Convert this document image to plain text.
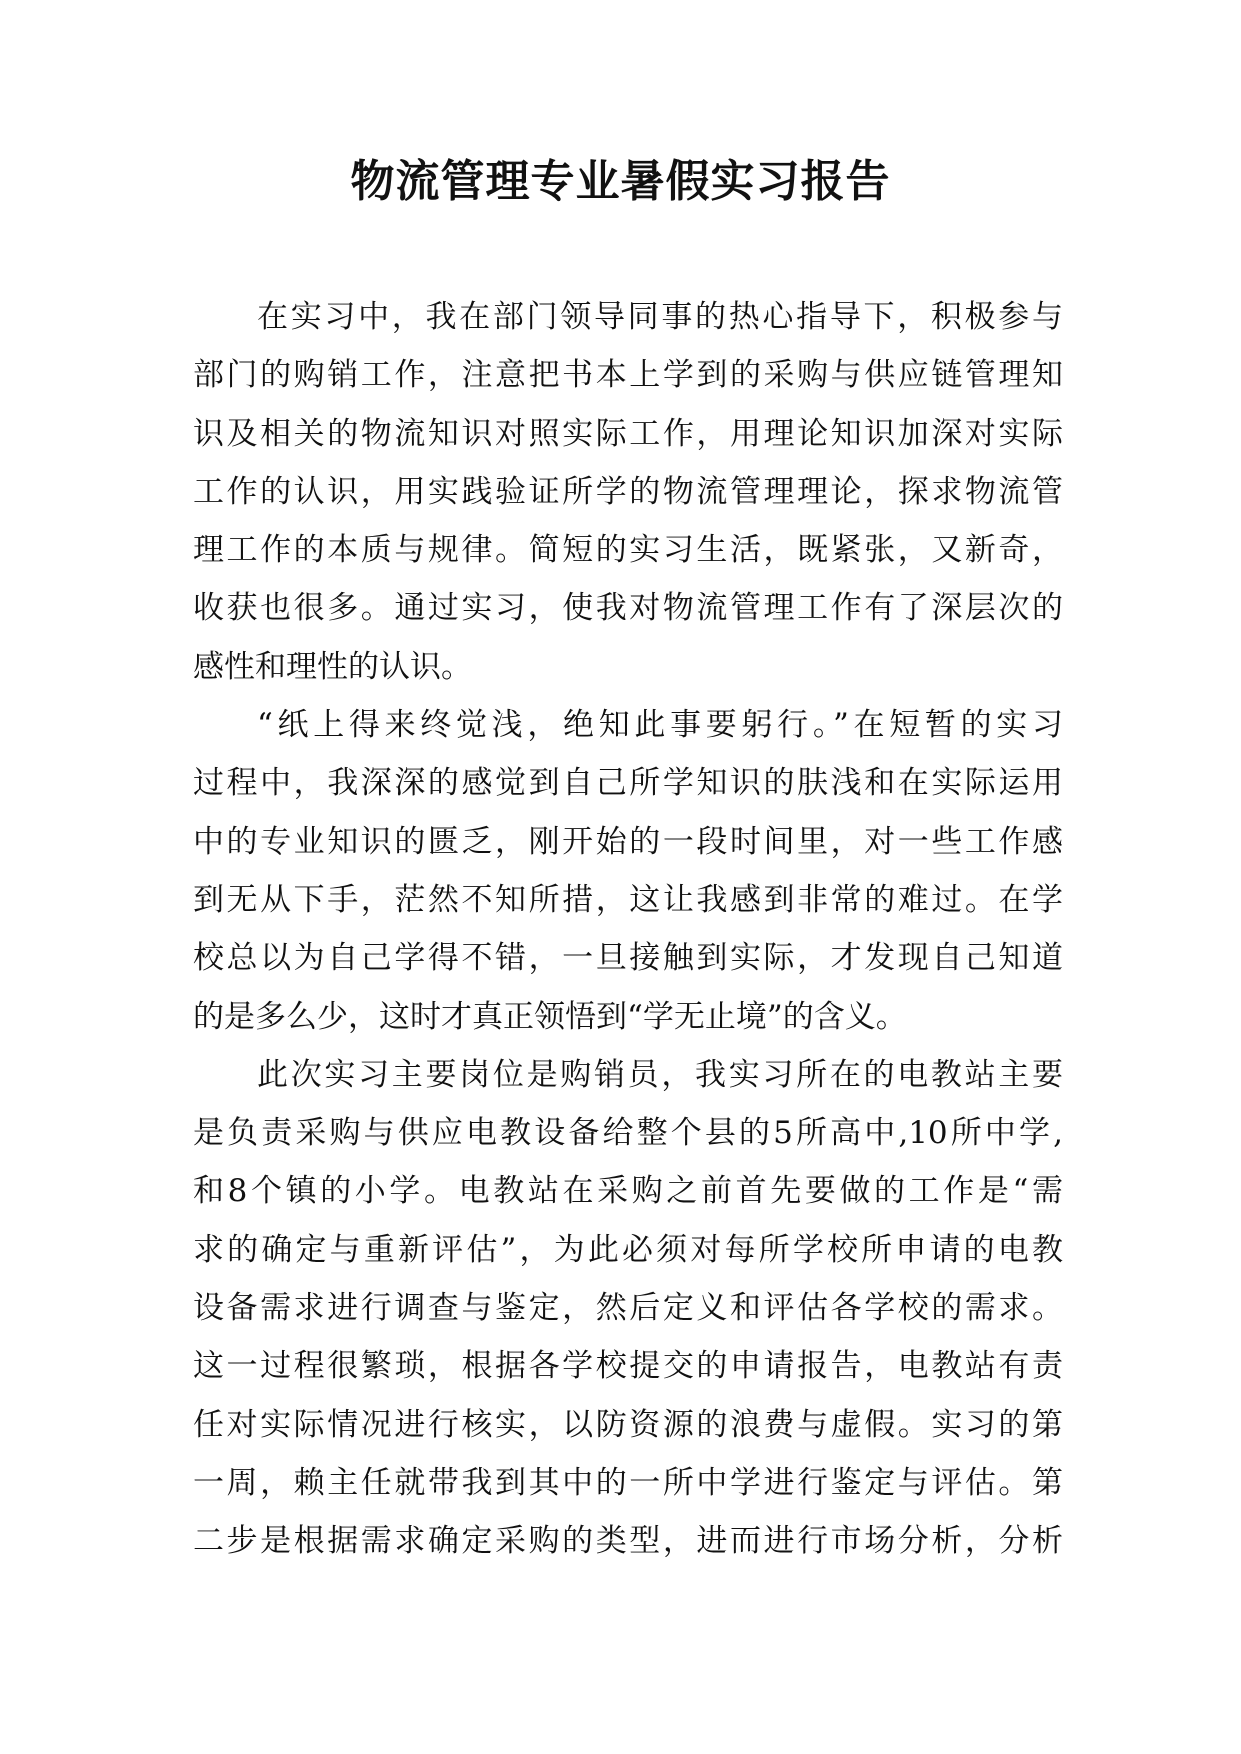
物流管理专业暑假实习报告
在实习中，我在部门领导同事的热心指导下，积极参与
部门的购销工作，注意把书本上学到的采购与供应链管理知
识及相关的物流知识对照实际工作，用理论知识加深对实际
工作的认识，用实践验证所学的物流管理理论，探求物流管
理工作的本质与规律。简短的实习生活，既紧张，又新奇，
收获也很多。通过实习，使我对物流管理工作有了深层次的
感性和理性的认识。
“纸上得来终觉浅，绝知此事要躬行。”在短暂的实习
过程中，我深深的感觉到自己所学知识的肤浅和在实际运用
中的专业知识的匮乏，刚开始的一段时间里，对一些工作感
到无从下手，茫然不知所措，这让我感到非常的难过。在学
校总以为自己学得不错，一旦接触到实际，才发现自己知道
的是多么少，这时才真正领悟到“学无止境”的含义。
此次实习主要岗位是购销员，我实习所在的电教站主要
是负责采购与供应电教设备给整个县的5所高中,10所中学,
和8个镇的小学。电教站在采购之前首先要做的工作是“需
求的确定与重新评估”，为此必须对每所学校所申请的电教
设备需求进行调查与鉴定，然后定义和评估各学校的需求。
这一过程很繁琐，根据各学校提交的申请报告，电教站有责
任对实际情况进行核实，以防资源的浪费与虚假。实习的第
一周，赖主任就带我到其中的一所中学进行鉴定与评估。第
二步是根据需求确定采购的类型，进而进行市场分析，分析
